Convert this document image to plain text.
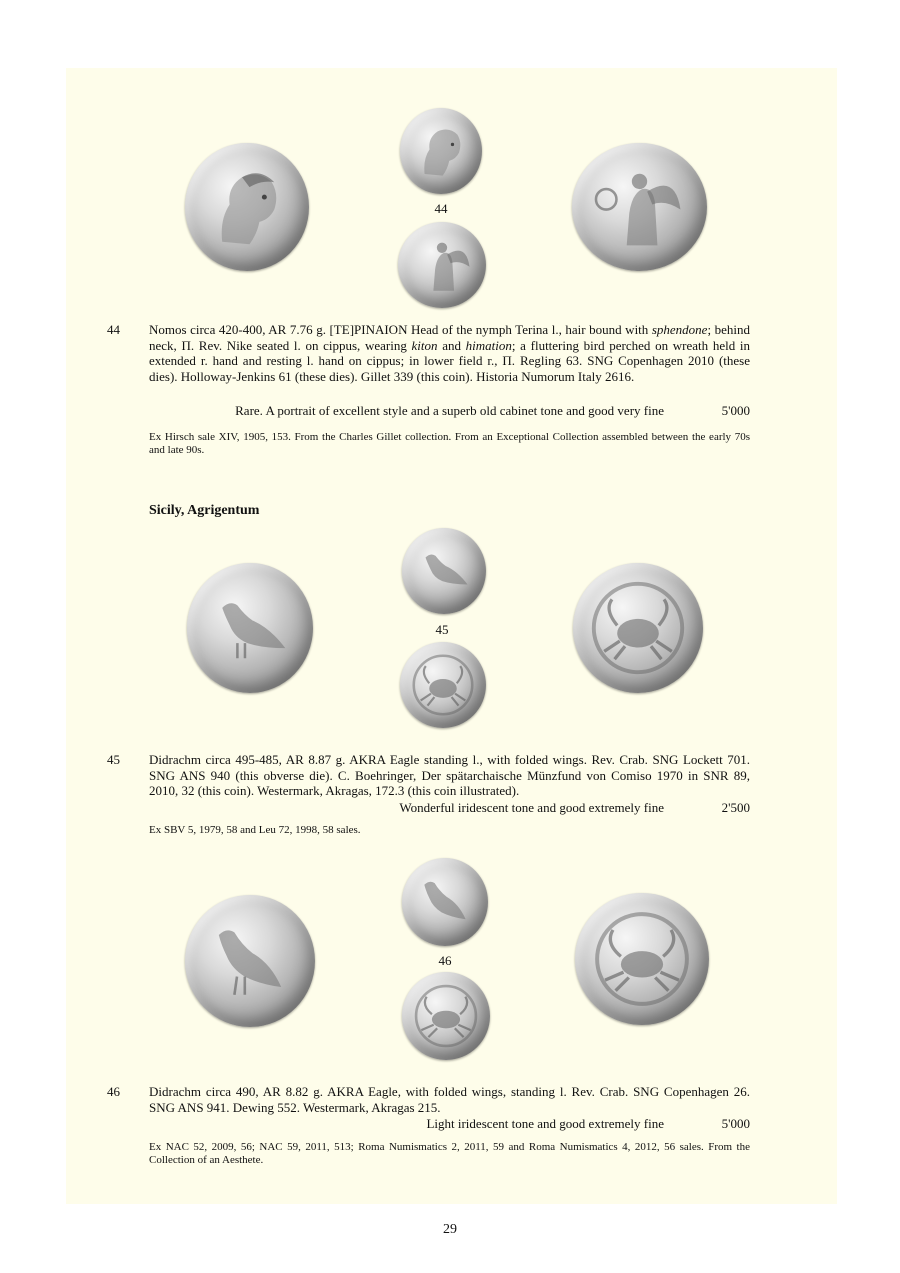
44
44 Nomos circa 420-400, AR 7.76 g. [TE]PINAION Head of the nymph Terina l., hair bound with sphendone; behind neck, Π. Rev. Nike seated l. on cippus, wearing kiton and himation; a fluttering bird perched on wreath held in extended r. hand and resting l. hand on cippus; in lower field r., Π. Regling 63. SNG Copenhagen 2010 (these dies). Holloway-Jenkins 61 (these dies). Gillet 339 (this coin). Historia Numorum Italy 2616.
Rare. A portrait of excellent style and a superb old cabinet tone and good very fine	5'000
Ex Hirsch sale XIV, 1905, 153. From the Charles Gillet collection. From an Exceptional Collection assembled between the early 70s and late 90s.
Sicily, Agrigentum
45
45 Didrachm circa 495-485, AR 8.87 g. AKRA Eagle standing l., with folded wings. Rev. Crab. SNG Lockett 701. SNG ANS 940 (this obverse die). C. Boehringer, Der spätarchaische Münzfund von Comiso 1970 in SNR 89, 2010, 32 (this coin). Westermark, Akragas, 172.3 (this coin illustrated).
Wonderful iridescent tone and good extremely fine	2'500
Ex SBV 5, 1979, 58 and Leu 72, 1998, 58 sales.
46
46 Didrachm circa 490, AR 8.82 g. AKRA Eagle, with folded wings, standing l. Rev. Crab. SNG Copenhagen 26. SNG ANS 941. Dewing 552. Westermark, Akragas 215.
Light iridescent tone and good extremely fine	5'000
Ex NAC 52, 2009, 56; NAC 59, 2011, 513; Roma Numismatics 2, 2011, 59 and Roma Numismatics 4, 2012, 56 sales. From the Collection of an Aesthete.
29
